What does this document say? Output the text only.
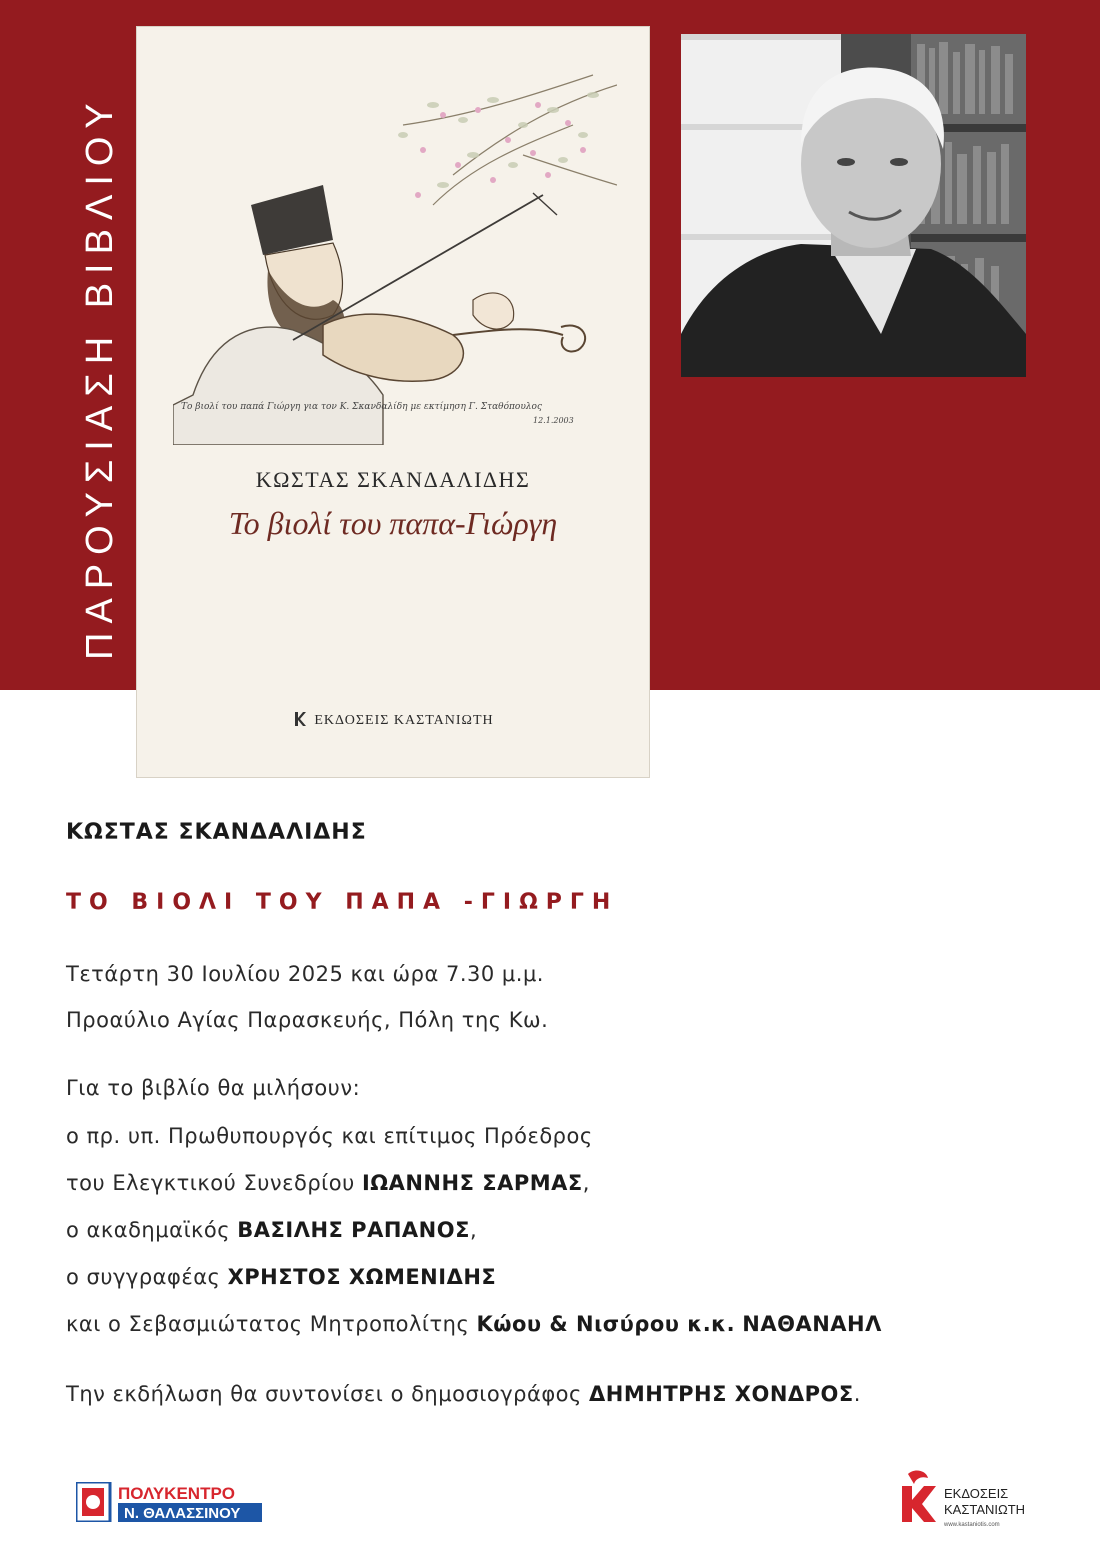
ΠΑΡΟΥΣΙΑΣΗ ΒΙΒΛΙΟΥ	Το βιολί του παπά Γιώργη για τον Κ. Σκανδαλίδη με εκτίμηση Γ. Σταθόπουλος
12.1.2003
ΚΩΣΤΑΣ ΣΚΑΝΔΑΛΙΔΗΣ
Το βιολί του παπα-Γιώργη
ΕΚΔΟΣΕΙΣ ΚΑΣΤΑΝΙΩΤΗ

ΚΩΣΤΑΣ ΣΚΑΝΔΑΛΙΔΗΣ

ΤΟ ΒΙΟΛΙ ΤΟΥ ΠΑΠΑ -ΓΙΩΡΓΗ

Τετάρτη 30 Ιουλίου 2025 και ώρα 7.30 μ.μ.
Προαύλιο Αγίας Παρασκευής, Πόλη της Κω.
Για το βιβλίο θα μιλήσουν:
ο πρ. υπ. Πρωθυπουργός και επίτιμος Πρόεδρος
του Ελεγκτικού Συνεδρίου ΙΩΑΝΝΗΣ ΣΑΡΜΑΣ,
ο ακαδημαϊκός ΒΑΣΙΛΗΣ ΡΑΠΑΝΟΣ,
ο συγγραφέας ΧΡΗΣΤΟΣ ΧΩΜΕΝΙΔΗΣ
και ο Σεβασμιώτατος Μητροπολίτης Κώου & Νισύρου κ.κ. ΝΑΘΑΝΑΗΛ
Την εκδήλωση θα συντονίσει ο δημοσιογράφος ΔΗΜΗΤΡΗΣ ΧΟΝΔΡΟΣ.
ΠΟΛΥΚΕΝΤΡΟ
Ν. ΘΑΛΑΣΣΙΝΟΥ
ΕΚΔΟΣΕΙΣ
ΚΑΣΤΑΝΙΩΤΗ
www.kastaniotis.com
